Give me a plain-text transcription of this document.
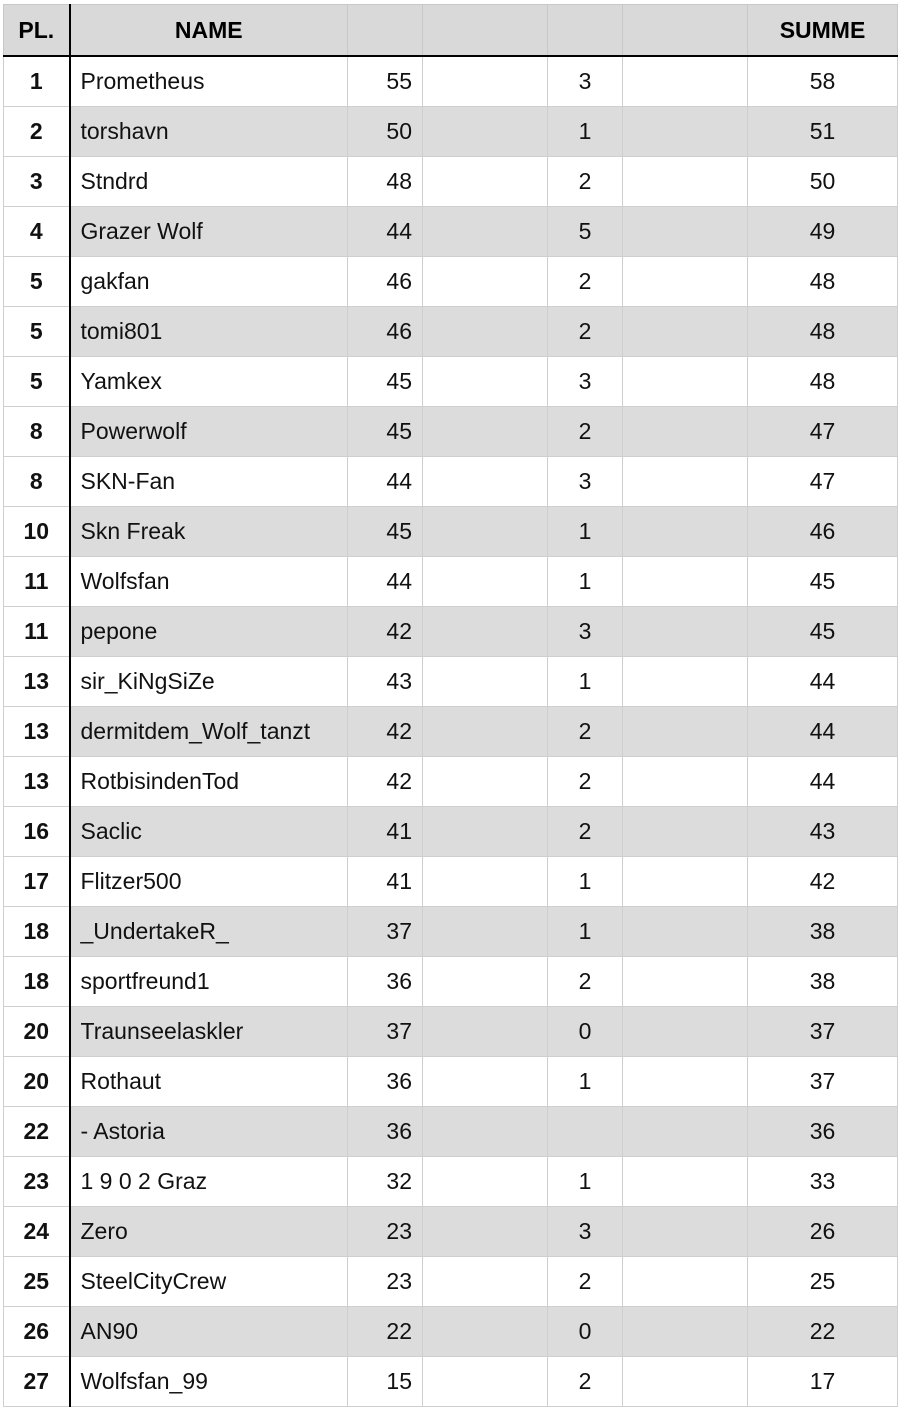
PL.	NAME					SUMME
1	Prometheus	55		3		58
2	torshavn	50		1		51
3	Stndrd	48		2		50
4	Grazer Wolf	44		5		49
5	gakfan	46		2		48
5	tomi801	46		2		48
5	Yamkex	45		3		48
8	Powerwolf	45		2		47
8	SKN-Fan	44		3		47
10	Skn Freak	45		1		46
11	Wolfsfan	44		1		45
11	pepone	42		3		45
13	sir_KiNgSiZe	43		1		44
13	dermitdem_Wolf_tanzt	42		2		44
13	RotbisindenTod	42		2		44
16	Saclic	41		2		43
17	Flitzer500	41		1		42
18	_UndertakeR_	37		1		38
18	sportfreund1	36		2		38
20	Traunseelaskler	37		0		37
20	Rothaut	36		1		37
22	- Astoria	36				36
23	1 9 0 2 Graz	32		1		33
24	Zero	23		3		26
25	SteelCityCrew	23		2		25
26	AN90	22		0		22
27	Wolfsfan_99	15		2		17
